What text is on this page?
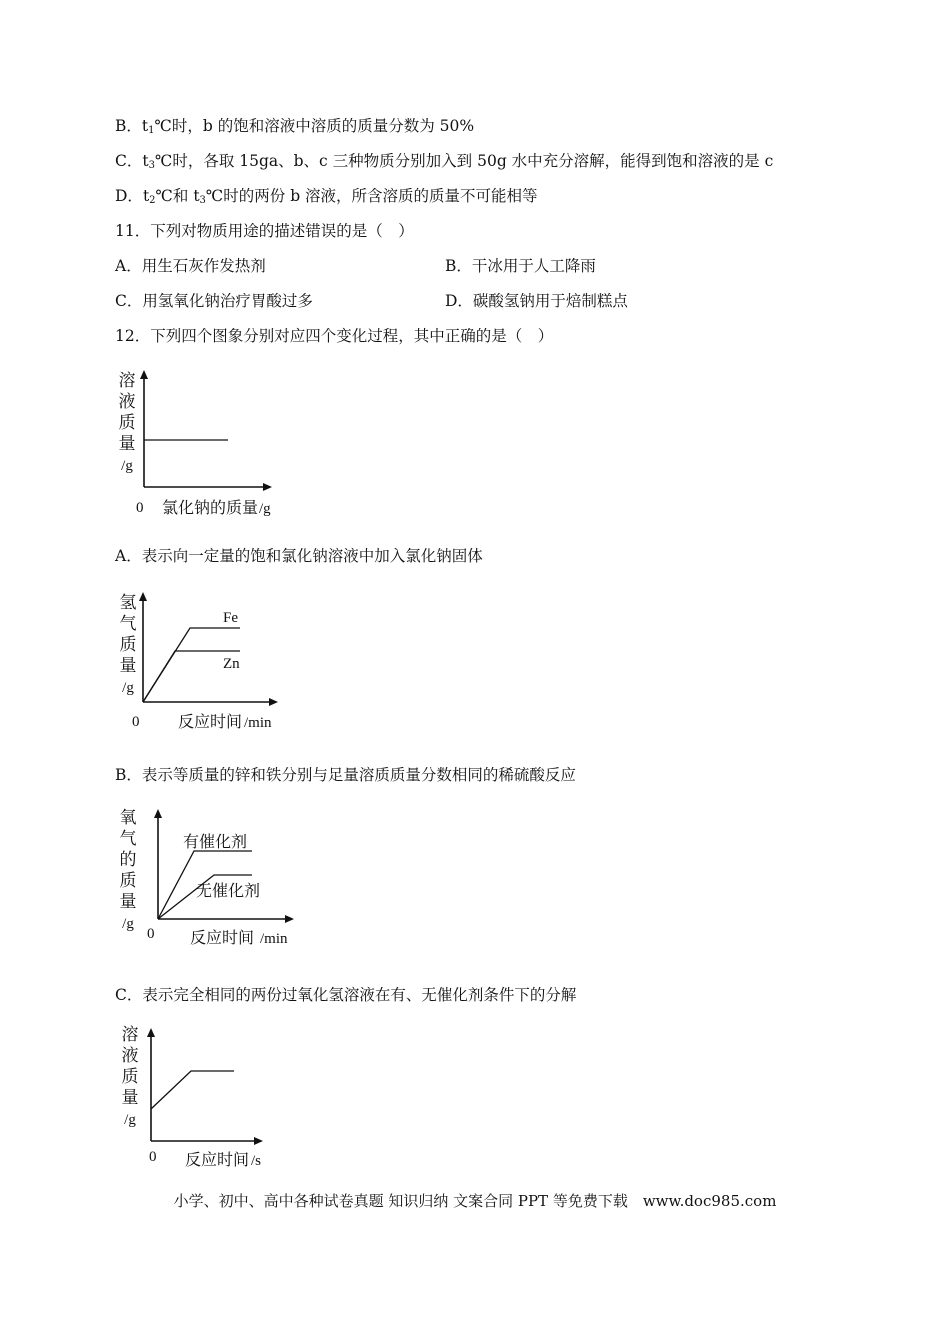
B．$t_1℃$时，b 的饱和溶液中溶质的质量分数为 50%
C．$t_3℃$时，各取 15ga、b、c 三种物质分别加入到 50g 水中充分溶解，能得到饱和溶液的是 c
D．$t_2℃$和 $t_3℃$时的两份 b 溶液，所含溶质的质量不可能相等
11．下列对物质用途的描述错误的是（　）
A．用生石灰作发热剂	B．干冰用于人工降雨
C．用氢氧化钠治疗胃酸过多	D．碳酸氢钠用于焙制糕点
12．下列四个图象分别对应四个变化过程，其中正确的是（　）
溶
液
质
量
/g
0 氯化钠的质量 /g
A．表示向一定量的饱和氯化钠溶液中加入氯化钠固体
氢
气
质
量
/g
Fe
Zn
0 反应时间 /min
B．表示等质量的锌和铁分别与足量溶质质量分数相同的稀硫酸反应
氧
气
的
质
量
/g
有催化剂
无催化剂
0 反应时间 /min
C．表示完全相同的两份过氧化氢溶液在有、无催化剂条件下的分解
溶
液
质
量
/g
0 反应时间 /s
小学、初中、高中各种试卷真题 知识归纳 文案合同 PPT 等免费下载　www.doc985.com
